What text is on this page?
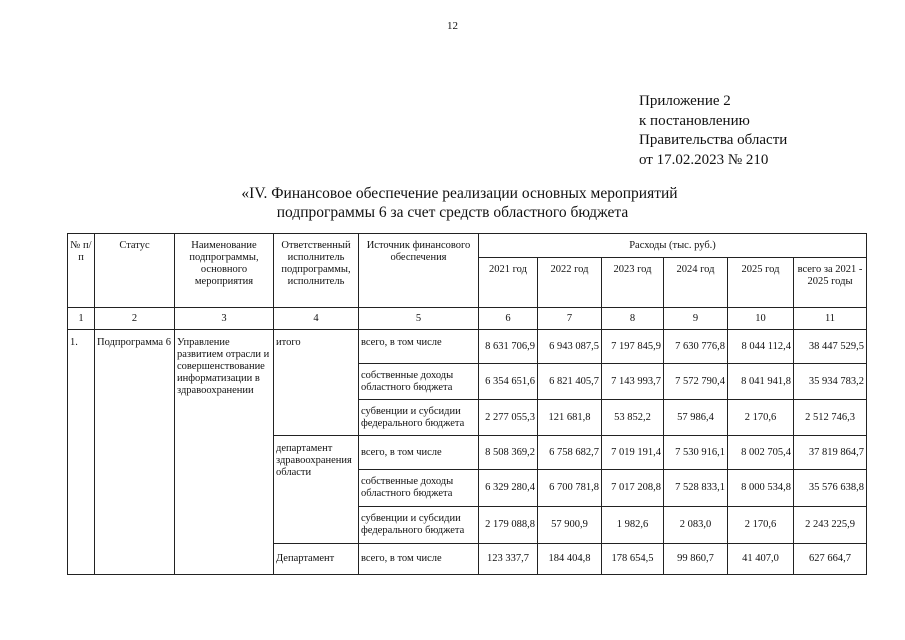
12
Приложение 2
к постановлению
Правительства области
от 17.02.2023 № 210
«IV. Финансовое обеспечение реализации основных мероприятий
подпрограммы 6 за счет средств областного бюджета
№ п/п	Статус	Наименование подпрограммы, основного мероприятия	Ответственный исполнитель подпрограммы, исполнитель	Источник финансового обеспечения	Расходы (тыс. руб.)					
					2021 год	2022 год	2023 год	2024 год	2025 год	всего за 2021 - 2025 годы
1	2	3	4	5	6	7	8	9	10	11
1.	Подпрограмма 6	Управление развитием отрасли и совершенствование информатизации в здравоохранении	итого	всего, в том числе	8 631 706,9	6 943 087,5	7 197 845,9	7 630 776,8	8 044 112,4	38 447 529,5
				собственные доходы областного бюджета	6 354 651,6	6 821 405,7	7 143 993,7	7 572 790,4	8 041 941,8	35 934 783,2
				субвенции и субсидии федерального бюджета	2 277 055,3	121 681,8	53 852,2	57 986,4	2 170,6	2 512 746,3
			департамент здравоохранения области	всего, в том числе	8 508 369,2	6 758 682,7	7 019 191,4	7 530 916,1	8 002 705,4	37 819 864,7
				собственные доходы областного бюджета	6 329 280,4	6 700 781,8	7 017 208,8	7 528 833,1	8 000 534,8	35 576 638,8
				субвенции и субсидии федерального бюджета	2 179 088,8	57 900,9	1 982,6	2 083,0	2 170,6	2 243 225,9
			Департамент	всего, в том числе	123 337,7	184 404,8	178 654,5	99 860,7	41 407,0	627 664,7
